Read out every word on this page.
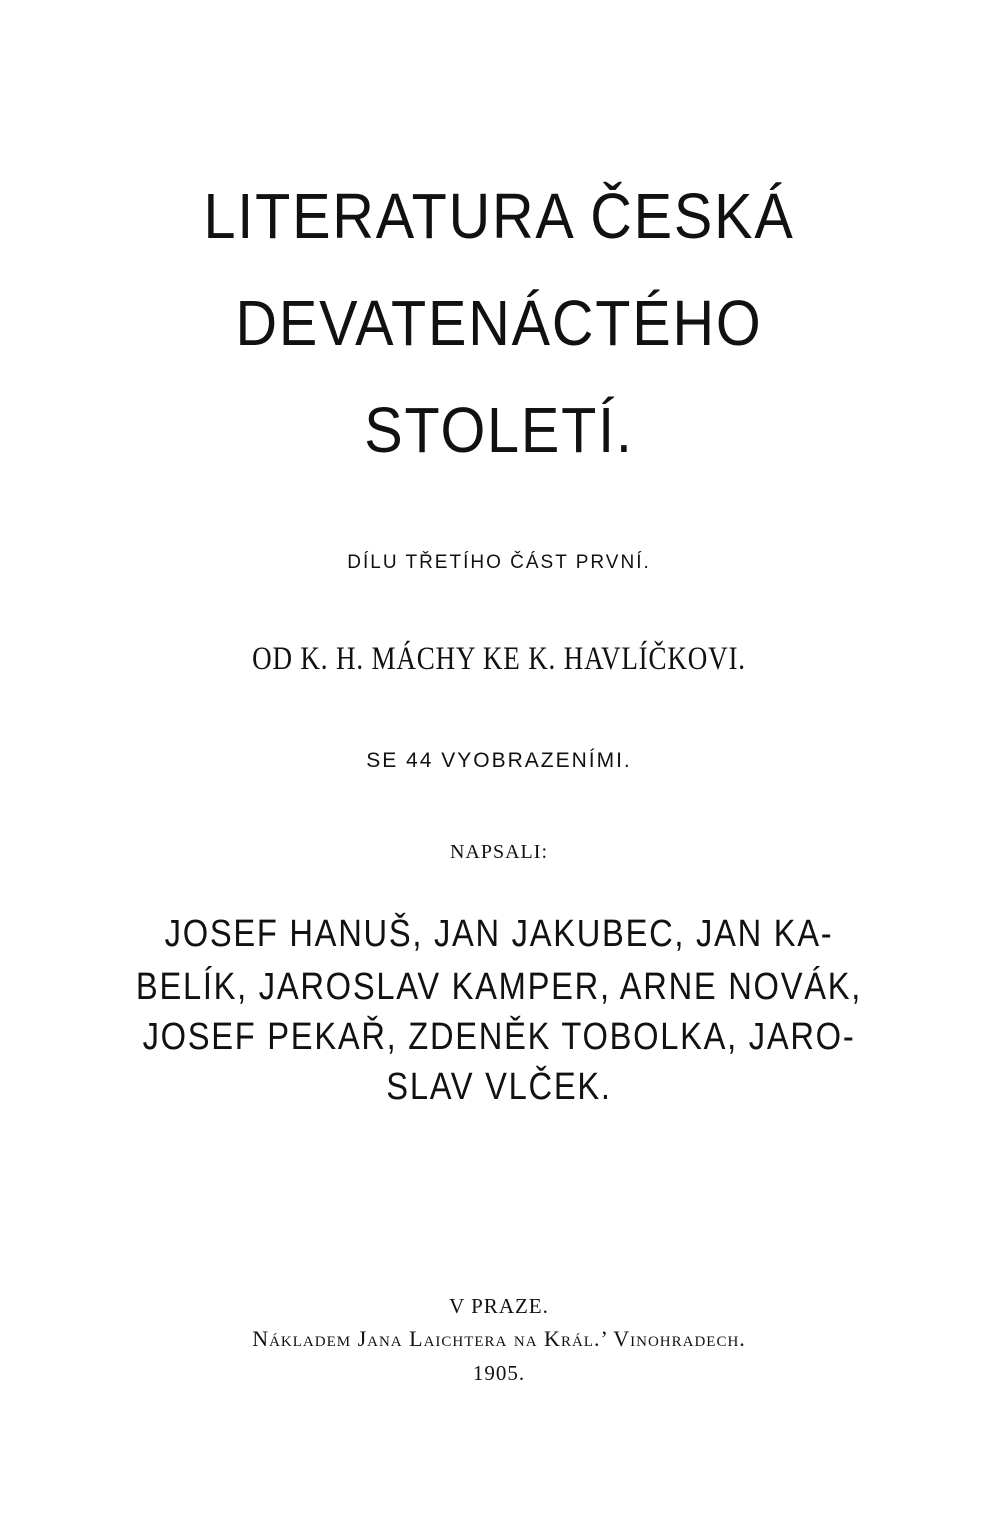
LITERATURA ČESKÁ
DEVATENÁCTÉHO
STOLETÍ.
DÍLU TŘETÍHO ČÁST PRVNÍ.
OD K. H. MÁCHY KE K. HAVLÍČKOVI.
SE 44 VYOBRAZENÍMI.
NAPSALI:
JOSEF HANUŠ, JAN JAKUBEC, JAN KA-
BELÍK, JAROSLAV KAMPER, ARNE NOVÁK,
JOSEF PEKAŘ, ZDENĚK TOBOLKA, JARO-
SLAV VLČEK.
V PRAZE.
Nákladem Jana Laichtera na Král.’ Vinohradech.
1905.
